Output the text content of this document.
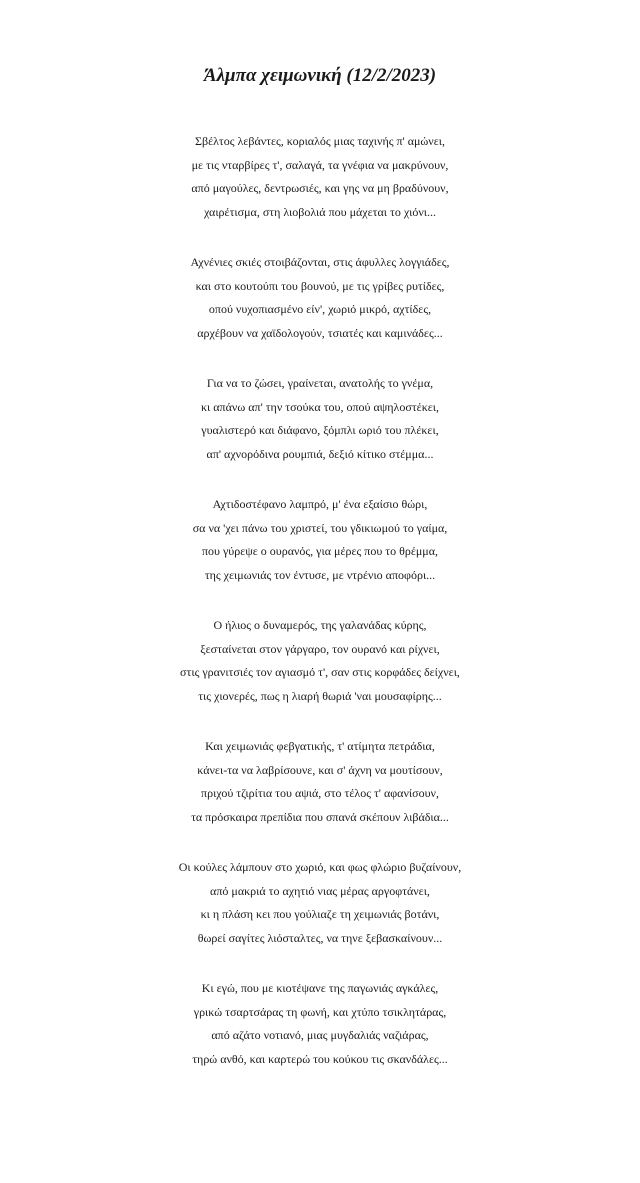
Άλμπα χειμωνική (12/2/2023)
Σβέλτος λεβάντες, κοριαλός μιας ταχινής π' αμώνει,
με τις νταρβίρες τ', σαλαγά, τα γνέφια να μακρύνουν,
από μαγούλες, δεντρωσιές, και γης να μη βραδύνουν,
χαιρέτισμα, στη λιοβολιά που μάχεται το χιόνι...
Αχνένιες σκιές στοιβάζονται, στις άφυλλες λογγιάδες,
και στο κουτούπι του βουνού, με τις γρίβες ρυτίδες,
οπού νυχοπιασμένο είν', χωριό μικρό, αχτίδες,
αρχέβουν να χαϊδολογούν, τσιατές και καμινάδες...
Για να το ζώσει, γραίνεται, ανατολής το γνέμα,
κι απάνω απ' την τσούκα του, οπού αψηλοστέκει,
γυαλιστερό και διάφανο, ξόμπλι ωριό του πλέκει,
απ' αχνορόδινα ρουμπιά, δεξιό κίτικο στέμμα...
Αχτιδοστέφανο λαμπρό, μ' ένα εξαίσιο θώρι,
σα να 'χει πάνω του χριστεί, του γδικιωμού το γαίμα,
που γύρεψε ο ουρανός, για μέρες που το θρέμμα,
της χειμωνιάς τον έντυσε, με ντρένιο αποφόρι...
Ο ήλιος ο δυναμερός, της γαλανάδας κύρης,
ξεσταίνεται στον γάργαρο, τον ουρανό και ρίχνει,
στις γρανιτσιές τον αγιασμό τ', σαν στις κορφάδες δείχνει,
τις χιονερές, πως η λιαρή θωριά 'ναι μουσαφίρης...
Και χειμωνιάς φεβγατικής, τ' ατίμητα πετράδια,
κάνει-τα να λαβρίσουνε, και σ' άχνη να μουτίσουν,
πριχού τζιρίτια του αψιά, στο τέλος τ' αφανίσουν,
τα πρόσκαιρα πρεπίδια που σπανά σκέπουν λιβάδια...
Οι κούλες λάμπουν στο χωριό, και φως φλώριο βυζαίνουν,
από μακριά το αχητιό νιας μέρας αργοφτάνει,
κι η πλάση κει που γούλιαζε τη χειμωνιάς βοτάνι,
θωρεί σαγίτες λιόσταλτες, να τηνε ξεβασκαίνουν...
Κι εγώ, που με κιοτέψανε της παγωνιάς αγκάλες,
γρικώ τσαρτσάρας τη φωνή, και χτύπο τσικλητάρας,
από αζάτο νοτιανό, μιας μυγδαλιάς ναζιάρας,
τηρώ ανθό, και καρτερώ του κούκου τις σκανδάλες...
